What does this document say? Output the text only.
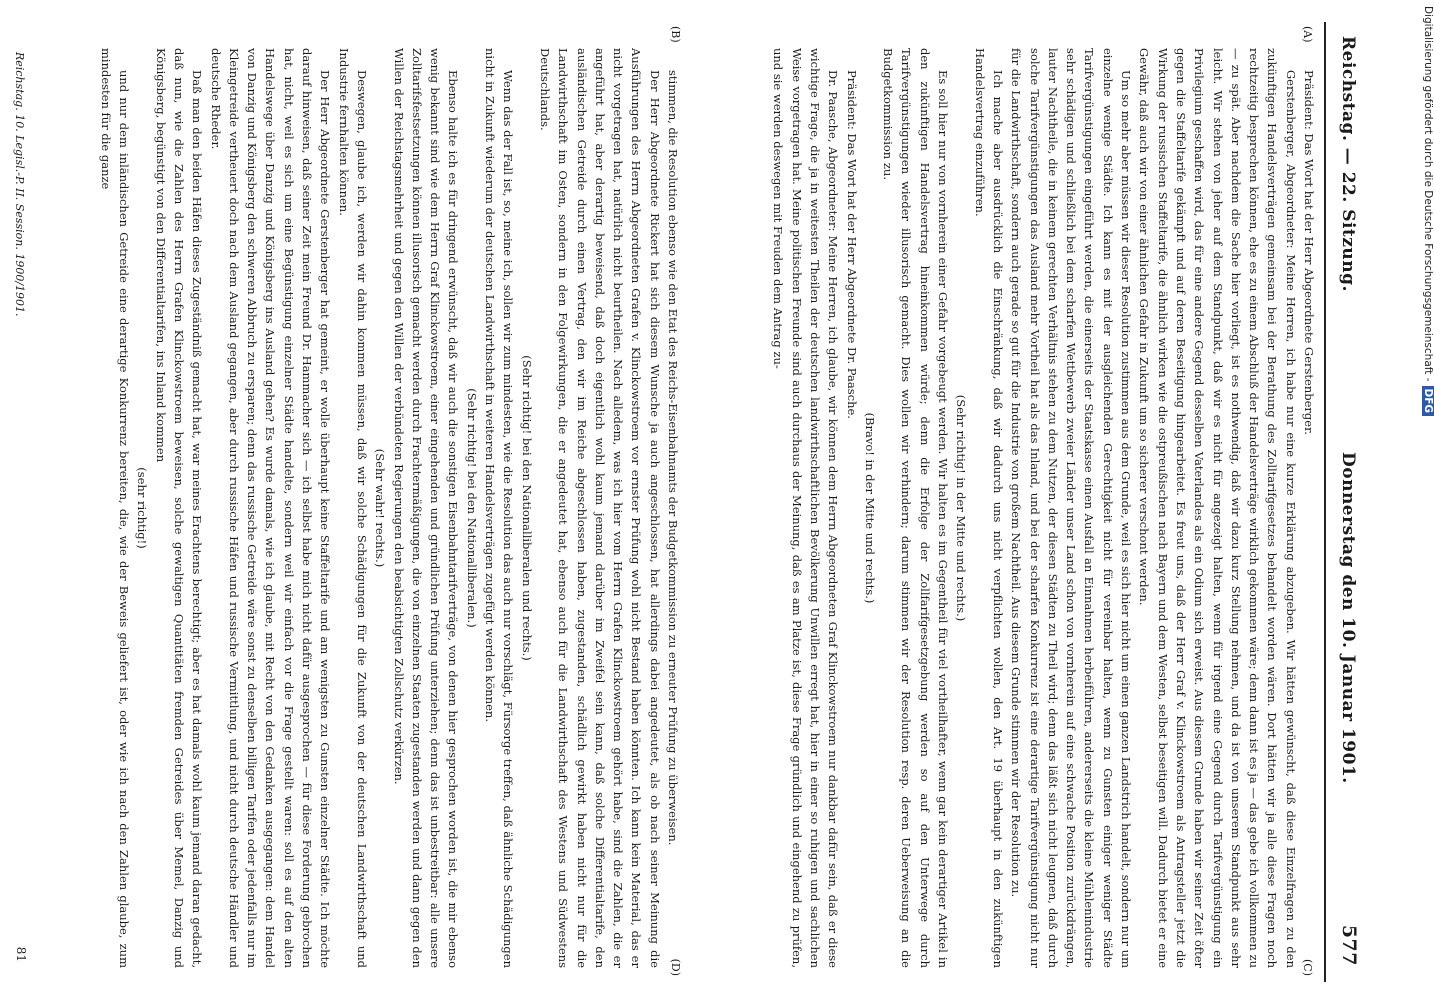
Reichstag. — 22. Sitzung.
Donnerstag den 10. Januar 1901.
577
(A)
(B)
(C)
(D)

Präsident: Das Wort hat der Herr Abgeordnete Gerstenberger.

Gerstenberger, Abgeordneter: Meine Herren, ich habe nur eine kurze Erklärung abzugeben. Wir hätten gewünscht, daß diese Einzelfragen zu den zukünftigen Handelsverträgen gemeinsam bei der Berathung des Zolltarifgesetzes behandelt worden wären. Dort hätten wir ja alle diese Fragen noch rechtzeitig besprechen können, ehe es zu einem Abschluß der Handelsverträge wirklich gekommen wäre; denn dann ist es ja — das gebe ich vollkommen zu — zu spät. Aber nachdem die Sache hier vorliegt, ist es nothwendig, daß wir dazu kurz Stellung nehmen, und da ist von unserem Standpunkt aus sehr leicht. Wir stehen von jeher auf dem Standpunkt, daß wir es nicht für angezeigt halten, wenn für irgend eine Gegend durch Tarifvergünstigung ein Privilegium geschaffen wird, das für eine andere Gegend desselben Vaterlandes als ein Odium sich erweist. Aus diesem Grunde haben wir seiner Zeit öfter gegen die Staffeltarife gekämpft und auf deren Beseitigung hingearbeitet. Es freut uns, daß der Herr Graf v. Klinckowstroem als Antragsteller jetzt die Wirkung der russischen Staffeltarife, die ähnlich wirken wie die ostpreußischen nach Bayern und dem Westen, selbst beseitigen will. Dadurch bietet er eine Gewähr, daß auch wir von einer ähnlichen Gefahr in Zukunft um so sicherer verschont werden.

Um so mehr aber müssen wir dieser Resolution zustimmen aus dem Grunde, weil es sich hier nicht um einen ganzen Landstrich handelt, sondern nur um einzelne wenige Städte. Ich kann es mit der ausgleichenden Gerechtigkeit nicht für vereinbar halten, wenn zu Gunsten einiger weniger Städte Tarifvergünstigungen eingeführt werden, die einerseits der Staatskasse einen Ausfall an Einnahmen herbeiführen, andererseits die kleine Mühlenindustrie sehr schädigen und schließlich bei dem scharfen Wettbewerb zweier Länder unser Land schon von vornherein auf eine schwache Position zurückdrängen, lauter Nachtheile, die in keinem gerechten Verhältnis stehen zu dem Nutzen, der diesen Städten zu Theil wird; denn das läßt sich nicht leugnen, daß durch solche Tarifvergünstigungen das Ausland mehr Vortheil hat als das Inland, und bei der scharfen Konkurrenz ist eine derartige Tarifvergünstigung nicht nur für die Landwirthschaft, sondern auch gerade so gut für die Industrie von großem Nachtheil. Aus diesem Grunde stimmen wir der Resolution zu.

Ich mache aber ausdrücklich die Einschränkung, daß wir dadurch uns nicht verpflichten wollen, den Art. 19 überhaupt in den zukünftigen Handelsvertrag einzuführen.

(Sehr richtig! in der Mitte und rechts.)

Es soll hier nur von vornherein einer Gefahr vorgebeugt werden. Wir halten es im Gegentheil für viel vortheilhafter, wenn gar kein derartiger Artikel in den zukünftigen Handelsvertrag hineinkommen würde; denn die Erfolge der Zollfarifgesetzgebung werden so auf den Unterwege durch Tarifvergünstigungen wieder illusorisch gemacht. Dies wollen wir verhindern; darum stimmen wir der Resolution resp. deren Ueberweisung an die Budgetkommission zu.

(Bravo! in der Mitte und rechts.)

Präsident: Das Wort hat der Herr Abgeordnete Dr. Paasche.

Dr. Paasche, Abgeordneter: Meine Herren, ich glaube, wir können dem Herrn Abgeordneten Graf Klinckowstroem nur dankbar dafür sein, daß er diese wichtige Frage, die ja in weitesten Theilen der deutschen landwirthschaftlichen Bevölkerung Unwillen erregt hat, hier in einer so ruhigen und sachlichen Weise vorgetragen hat. Meine politischen Freunde sind auch durchaus der Meinung, daß es am Platze ist, diese Frage gründlich und eingehend zu prüfen, und sie werden deswegen mit Freuden dem Antrag zu-

stimmen, die Resolution ebenso wie den Etat des Reichs-Eisenbahnamts der Budgetkommission zu erneuter Prüfung zu überweisen.

Der Herr Abgeordnete Rickert hat sich diesem Wunsche ja auch angeschlossen, hat allerdings dabei angedeutet, als ob nach seiner Meinung die Ausführungen des Herrn Abgeordneten Grafen v. Klinckowstroem vor ernster Prüfung wohl nicht Bestand haben könnten. Ich kann kein Material, das er nicht vorgetragen hat, natürlich nicht beurtheilen. Nach alledem, was ich hier vom Herrn Grafen Klinckowstroem gehört habe, sind die Zahlen, die er angeführt hat, aber derartig beweisend, daß doch eigentlich wohl kaum jemand darüber im Zweifel sein kann, daß solche Differentialtarife, den ausländischen Getreide durch einen Vertrag, den wir im Reiche abgeschlossen haben, zugestanden, schädlich gewirkt haben nicht nur für die Landwirthschaft im Osten, sondern in den Folgewirkungen, die er angedeutet hat, ebenso auch für die Landwirthschaft des Westens und Südwestens Deutschlands.

(Sehr richtig! bei den Nationalliberalen und rechts.)

Wenn das der Fall ist, so, meine ich, sollen wir zum mindesten, wie die Resolution das auch nur vorschlägt, Fürsorge treffen, daß ähnliche Schädigungen nicht in Zukunft wiederum der deutschen Landwirthschaft in weiteren Handelsverträgen zugefügt werden können.

(Sehr richtig! bei den Nationalliberalen.)

Ebenso halte ich es für dringend erwünscht, daß wir auch die sonstigen Eisenbahntarifverträge, von denen hier gesprochen worden ist, die mir ebenso wenig bekannt sind wie dem Herrn Graf Klinckowstroem, einer eingehenden und gründlichen Prüfung unterziehen; denn das ist unbestreitbar: alle unsere Zolltarifsfestsetzungen können illusorisch gemacht werden durch Frachtermäßigungen, die von einzelnen Staaten zugestanden werden und dann gegen den Willen der Reichstagsmehrheit und gegen den Willen der verbündeten Regierungen den beabsichtigten Zollschutz verkürzen.

(Sehr wahr! rechts.)

Deswegen, glaube ich, werden wir dahin kommen müssen, daß wir solche Schädigungen für die Zukunft von der deutschen Landwirthschaft und Industrie fernhalten können.

Der Herr Abgeordnete Gerstenberger hat gemeint, er wolle überhaupt keine Staffeltarife und am wenigsten zu Gunsten einzelner Städte. Ich möchte darauf hinweisen, daß seiner Zeit mein Freund Dr. Hammacher sich — ich selbst habe mich nicht dafür ausgesprochen — für diese Forderung gebrochen hat, nicht, weil es sich um eine Begünstigung einzelner Städte handelte, sondern weil wir einfach vor die Frage gestellt waren: soll es auf den alten Handelswege über Danzig und Königsberg ins Ausland gehen? Es wurde damals, wie ich glaube, mit Recht von den Gedanken ausgegangen: dem Handel von Danzig und Königsberg den schweren Abbruch zu ersparen; denn das russische Getreide wäre sonst zu denselben billigen Tarifen oder jedenfalls nur im Kleingetreide vertheuert doch nach dem Ausland gegangen, aber durch russische Häfen und russische Vermittlung, und nicht durch deutsche Händler und deutsche Rheder.

Daß man den beiden Häfen dieses Zugeständniß gemacht hat, war meines Erachtens berechtigt; aber es hat damals wohl kaum jemand daran gedacht, daß nun, wie die Zahlen des Herrn Grafen Klinckowstroem beweisen, solche gewaltigen Quantitäten fremden Getreides über Memel, Danzig und Königsberg, begünstigt von den Differentialtarifen, ins Inland kommen

(sehr richtig!)

und nur dem inländischen Getreide eine derartige Konkurrenz bereiten, die, wie der Beweis geliefert ist, oder wie ich nach den Zahlen glaube, zum mindesten für die ganze

Reichstag. 10. Legisl.-P. II. Session. 1900/1901.
81
Digitalisierung gefördert durch die Deutsche Forschungsgemeinschaft -DFG
